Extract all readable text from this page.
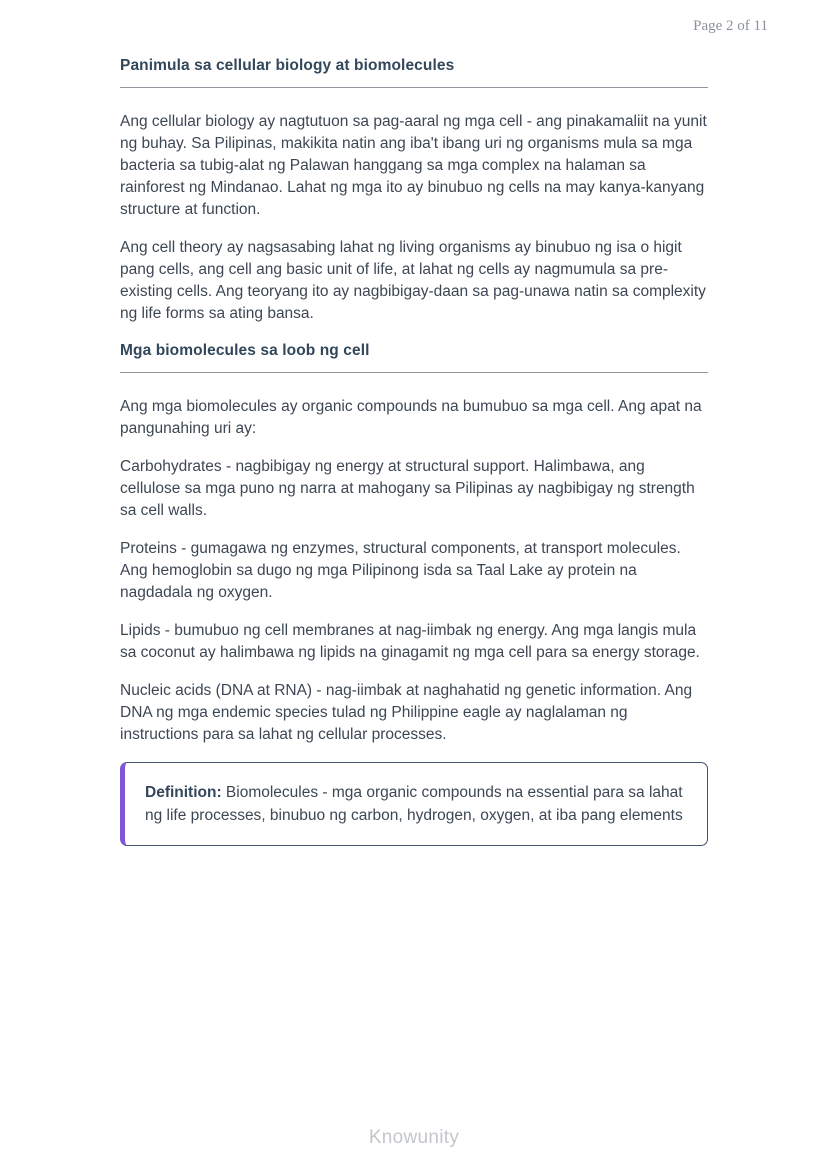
Page 2 of 11
Panimula sa cellular biology at biomolecules

Ang cellular biology ay nagtutuon sa pag-aaral ng mga cell - ang pinakamaliit na yunit ng buhay. Sa Pilipinas, makikita natin ang iba't ibang uri ng organisms mula sa mga bacteria sa tubig-alat ng Palawan hanggang sa mga complex na halaman sa rainforest ng Mindanao. Lahat ng mga ito ay binubuo ng cells na may kanya-kanyang structure at function.

Ang cell theory ay nagsasabing lahat ng living organisms ay binubuo ng isa o higit pang cells, ang cell ang basic unit of life, at lahat ng cells ay nagmumula sa pre-existing cells. Ang teoryang ito ay nagbibigay-daan sa pag-unawa natin sa complexity ng life forms sa ating bansa.

Mga biomolecules sa loob ng cell

Ang mga biomolecules ay organic compounds na bumubuo sa mga cell. Ang apat na pangunahing uri ay:

Carbohydrates - nagbibigay ng energy at structural support. Halimbawa, ang cellulose sa mga puno ng narra at mahogany sa Pilipinas ay nagbibigay ng strength sa cell walls.

Proteins - gumagawa ng enzymes, structural components, at transport molecules. Ang hemoglobin sa dugo ng mga Pilipinong isda sa Taal Lake ay protein na nagdadala ng oxygen.

Lipids - bumubuo ng cell membranes at nag-iimbak ng energy. Ang mga langis mula sa coconut ay halimbawa ng lipids na ginagamit ng mga cell para sa energy storage.

Nucleic acids (DNA at RNA) - nag-iimbak at naghahatid ng genetic information. Ang DNA ng mga endemic species tulad ng Philippine eagle ay naglalaman ng instructions para sa lahat ng cellular processes.

Definition: Biomolecules - mga organic compounds na essential para sa lahat ng life processes, binubuo ng carbon, hydrogen, oxygen, at iba pang elements

Knowunity
